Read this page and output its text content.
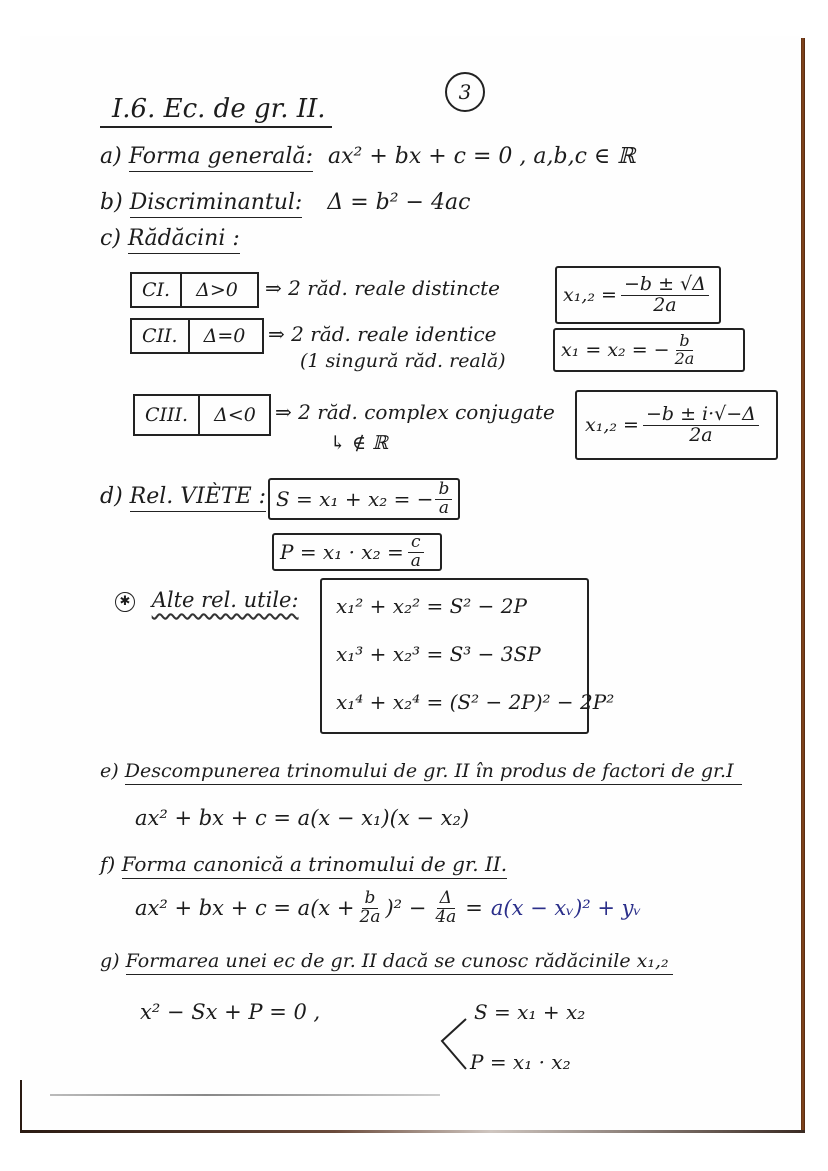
I.6. Ec. de gr. II.
3
a) Forma generală: ax² + bx + c = 0 , a,b,c ∈ ℝ
b) Discriminantul: Δ = b² − 4ac
c) Rădăcini :
CI.	Δ>0	⇒ 2 răd. reale distincte	$x_1,_2 = \frac{-b \pm √\Delta}{2a}$
CII.	Δ=0	⇒ 2 răd. reale identice
(1 singură răd. reală)	x₁ = x₂ = − $\frac{b}{2a}$
CIII.	Δ<0 ⇒ 2 răd. complex conjugate
↳ ∉ ℝ
$x_1,_2 = \frac{-b \pm i\cdot√-\Delta}{2a}$
d) Rel. VIÈTE : S = x₁ + x₂ = − $\frac{b}{a}$
$P = x_1 \cdot x_2 = \frac{c}{a}$
✱ Alte rel. utile: x₁² + x₂² = S² − 2P
x₁³ + x₂³ = S³ − 3SP
x₁⁴ + x₂⁴ = (S² − 2P)² − 2P²
e) Descompunerea trinomului de gr. II în produs de factori de gr.I
ax² + bx + c = a(x − x₁)(x − x₂)
f) Forma canonică a trinomului de gr. II.
ax² + bx + $c = a(x + \frac{b}{2a} )^2 - \frac{\Delta}{4a} = a(x$ − xᵥ)² + yᵥ
g) Formarea unei ec de gr. II dacă se cunosc rădăcinile x₁,₂
x² − Sx + P = 0 ,	S = x₁ + x₂
P = x₁ · x₂
